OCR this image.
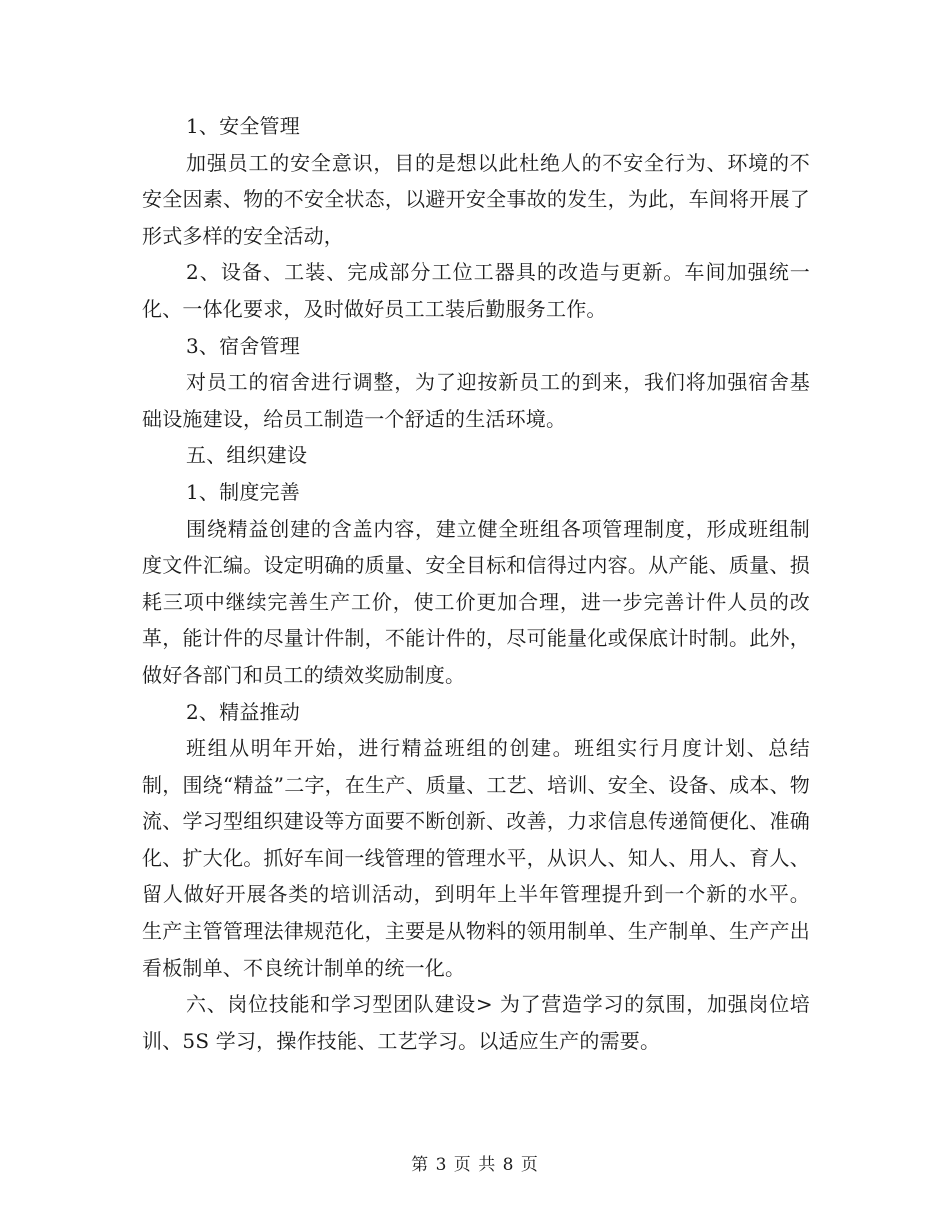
1、安全管理

加强员工的安全意识，目的是想以此杜绝人的不安全行为、环境的不安全因素、物的不安全状态，以避开安全事故的发生，为此，车间将开展了形式多样的安全活动，

2、设备、工装、完成部分工位工器具的改造与更新。车间加强统一化、一体化要求，及时做好员工工装后勤服务工作。

3、宿舍管理

对员工的宿舍进行调整，为了迎按新员工的到来，我们将加强宿舍基础设施建设，给员工制造一个舒适的生活环境。

五、组织建设

1、制度完善

围绕精益创建的含盖内容，建立健全班组各项管理制度，形成班组制度文件汇编。设定明确的质量、安全目标和信得过内容。从产能、质量、损耗三项中继续完善生产工价，使工价更加合理，进一步完善计件人员的改革，能计件的尽量计件制，不能计件的，尽可能量化或保底计时制。此外，做好各部门和员工的绩效奖励制度。

2、精益推动

班组从明年开始，进行精益班组的创建。班组实行月度计划、总结制，围绕“精益”二字，在生产、质量、工艺、培训、安全、设备、成本、物流、学习型组织建设等方面要不断创新、改善，力求信息传递简便化、准确化、扩大化。抓好车间一线管理的管理水平，从识人、知人、用人、育人、留人做好开展各类的培训活动，到明年上半年管理提升到一个新的水平。 生产主管管理法律规范化，主要是从物料的领用制单、生产制单、生产产出看板制单、不良统计制单的统一化。

六、岗位技能和学习型团队建设> 为了营造学习的氛围，加强岗位培训、5S 学习，操作技能、工艺学习。以适应生产的需要。

第 3 页 共 8 页
